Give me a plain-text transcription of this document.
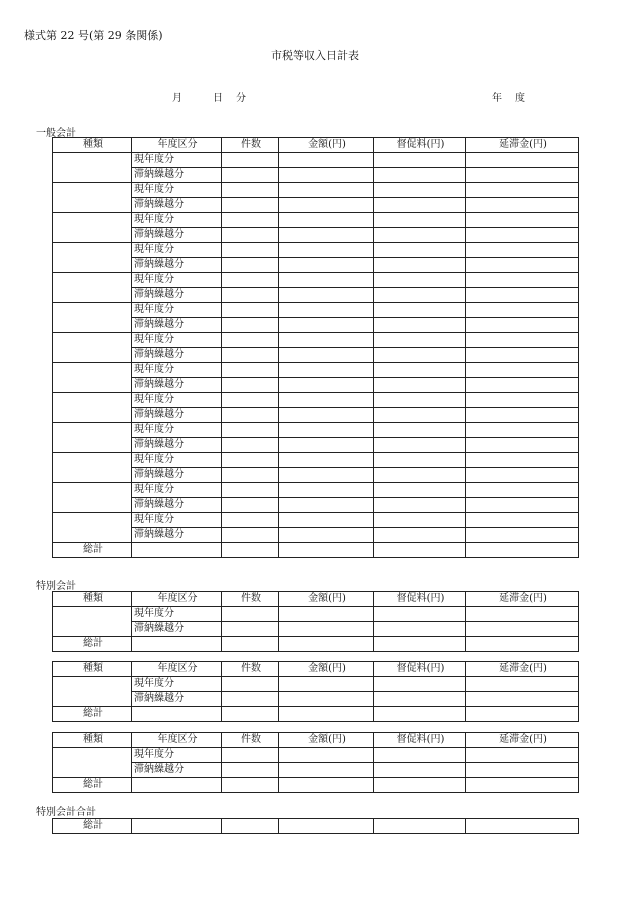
様式第 22 号(第 29 条関係)
市税等収入日計表
月	日 分	年 度
一般会計
種類	年度区分	件数	金額(円)	督促料(円)	延滞金(円)
	現年度分				
	滞納繰越分				
	現年度分				
	滞納繰越分				
	現年度分				
	滞納繰越分				
	現年度分				
	滞納繰越分				
	現年度分				
	滞納繰越分				
	現年度分				
	滞納繰越分				
	現年度分				
	滞納繰越分				
	現年度分				
	滞納繰越分				
	現年度分				
	滞納繰越分				
	現年度分				
	滞納繰越分				
	現年度分				
	滞納繰越分				
	現年度分				
	滞納繰越分				
	現年度分				
	滞納繰越分				
総計					
特別会計
種類	年度区分	件数	金額(円)	督促料(円)	延滞金(円)
	現年度分				
	滞納繰越分				
総計					
種類	年度区分	件数	金額(円)	督促料(円)	延滞金(円)
	現年度分				
	滞納繰越分				
総計					
種類	年度区分	件数	金額(円)	督促料(円)	延滞金(円)
	現年度分				
	滞納繰越分				
総計					
特別会計合計
総計					
